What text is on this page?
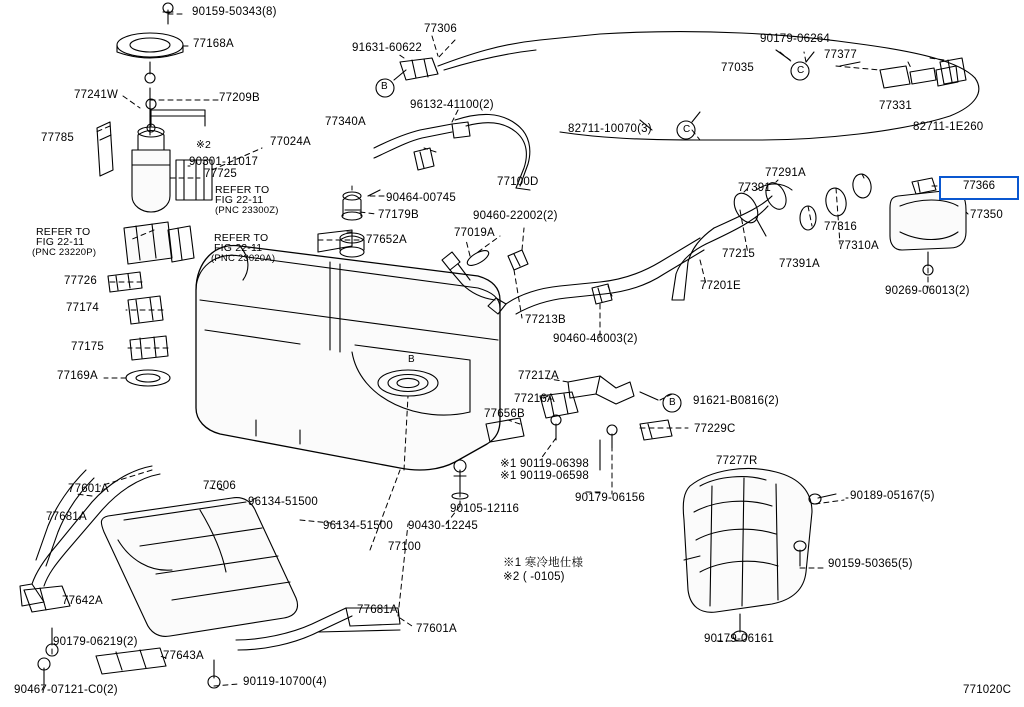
90159-50343(8)
77168A
77306
91631-60622
90179-06264
77377
77035
77241W	77209B
96132-41100(2)	77331
77785
77340A
82711-10070(3)	82711-1E260
※2	77024A
90301-11017
77725
77100D
77291A
77391
REFER TO
FIG 22-11
(PNC 23300Z)
90464-00745
77179B
77316
77350
90460-22002(2)
77019A
REFER TO
FIG 22-11
(PNC 23220P)
REFER TO
FIG 22-11
(PNC 23020A)
77652A	77310A
77215
77391A
77726	77201E	90269-06013(2)
77174
77213B
77175
90460-46003(2)
77169A	77217A
91621-B0816(2)
77216A
77656B
77229C
77277R
※1 90119-06398
※1 90119-06598
77601A	77606
90179-06156	90189-05167(5)
77681A
96134-51500
90105-12116
96134-51500 90430-12245
90159-50365(5)
77100
77642A
77681A
77601A
90179-06219(2)
77643A
90179-06161
90467-07121-C0(2)
90119-10700(4)
B
B
B
C
C
※1 寒冷地仕様
※2 ( -0105)
771020C
77366
